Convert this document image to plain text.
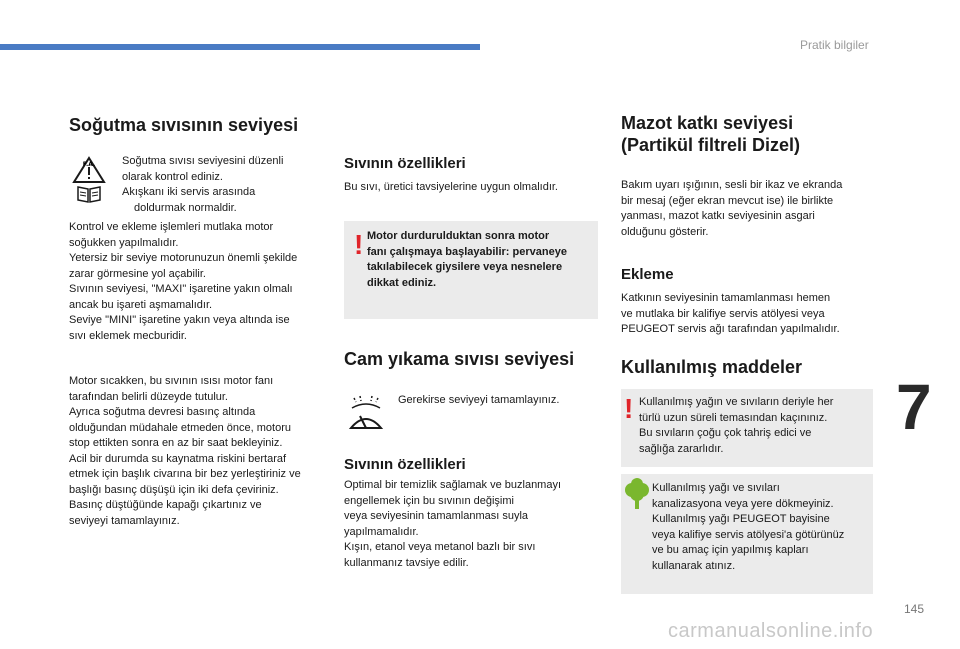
Pratik bilgiler
Soğutma sıvısının seviyesi
F.A. Soğutma sıvısı seviyesini düzenli
olarak kontrol ediniz.
Akışkanı iki servis arasında
doldurmak normaldir.
Kontrol ve ekleme işlemleri mutlaka motor
soğukken yapılmalıdır.
Yetersiz bir seviye motorunuzun önemli şekilde
zarar görmesine yol açabilir.
Sıvının seviyesi, "MAXI" işaretine yakın olmalı
ancak bu işareti aşmamalıdır.
Seviye "MINI" işaretine yakın veya altında ise
sıvı eklemek mecburidir.
Motor sıcakken, bu sıvının ısısı motor fanı
tarafından belirli düzeyde tutulur.
Ayrıca soğutma devresi basınç altında
olduğundan müdahale etmeden önce, motoru
stop ettikten sonra en az bir saat bekleyiniz.
Acil bir durumda su kaynatma riskini bertaraf
etmek için başlık civarına bir bez yerleştiriniz ve
başlığı basınç düşüşü için iki defa çeviriniz.
Basınç düştüğünde kapağı çıkartınız ve
seviyeyi tamamlayınız.
Sıvının özellikleri
Bu sıvı, üretici tavsiyelerine uygun olmalıdır.
! Motor durdurulduktan sonra motor
fanı çalışmaya başlayabilir: pervaneye
takılabilecek giysilere veya nesnelere
dikkat ediniz.
Cam yıkama sıvısı seviyesi
Gerekirse seviyeyi tamamlayınız.
Sıvının özellikleri
Optimal bir temizlik sağlamak ve buzlanmayı
engellemek için bu sıvının değişimi
veya seviyesinin tamamlanması suyla
yapılmamalıdır.
Kışın, etanol veya metanol bazlı bir sıvı
kullanmanız tavsiye edilir.
Mazot katkı seviyesi
(Partikül filtreli Dizel)
Bakım uyarı ışığının, sesli bir ikaz ve ekranda
bir mesaj (eğer ekran mevcut ise) ile birlikte
yanması, mazot katkı seviyesinin asgari
olduğunu gösterir.
Ekleme
Katkının seviyesinin tamamlanması hemen
ve mutlaka bir kalifiye servis atölyesi veya
PEUGEOT servis ağı tarafından yapılmalıdır.
Kullanılmış maddeler
! Kullanılmış yağın ve sıvıların deriyle her
türlü uzun süreli temasından kaçınınız.
Bu sıvıların çoğu çok tahriş edici ve
sağlığa zararlıdır.
Kullanılmış yağı ve sıvıları
kanalizasyona veya yere dökmeyiniz.
Kullanılmış yağı PEUGEOT bayisine
veya kalifiye servis atölyesi'a götürünüz
ve bu amaç için yapılmış kapları
kullanarak atınız.
7
145
carmanualsonline.info
